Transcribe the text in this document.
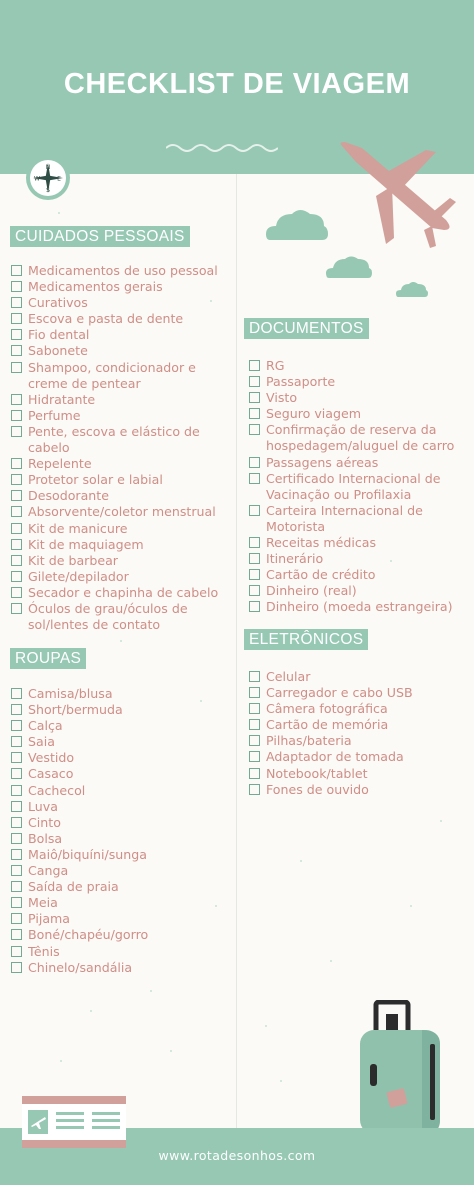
CHECKLIST DE VIAGEM
N
S
W	E
CUIDADOS PESSOAIS
Medicamentos de uso pessoal
Medicamentos gerais
Curativos
Escova e pasta de dente
Fio dental
Sabonete
Shampoo, condicionador e
creme de pentear
Hidratante
Perfume
Pente, escova e elástico de
cabelo
Repelente
Protetor solar e labial
Desodorante
Absorvente/coletor menstrual
Kit de manicure
Kit de maquiagem
Kit de barbear
Gilete/depilador
Secador e chapinha de cabelo
Óculos de grau/óculos de
sol/lentes de contato
ROUPAS
Camisa/blusa
Short/bermuda
Calça
Saia
Vestido
Casaco
Cachecol
Luva
Cinto
Bolsa
Maiô/biquíni/sunga
Canga
Saída de praia
Meia
Pijama
Boné/chapéu/gorro
Tênis
Chinelo/sandália
DOCUMENTOS
RG
Passaporte
Visto
Seguro viagem
Confirmação de reserva da
hospedagem/aluguel de carro
Passagens aéreas
Certificado Internacional de
Vacinação ou Profilaxia
Carteira Internacional de
Motorista
Receitas médicas
Itinerário
Cartão de crédito
Dinheiro (real)
Dinheiro (moeda estrangeira)
ELETRÔNICOS
Celular
Carregador e cabo USB
Câmera fotográfica
Cartão de memória
Pilhas/bateria
Adaptador de tomada
Notebook/tablet
Fones de ouvido
www.rotadesonhos.com
